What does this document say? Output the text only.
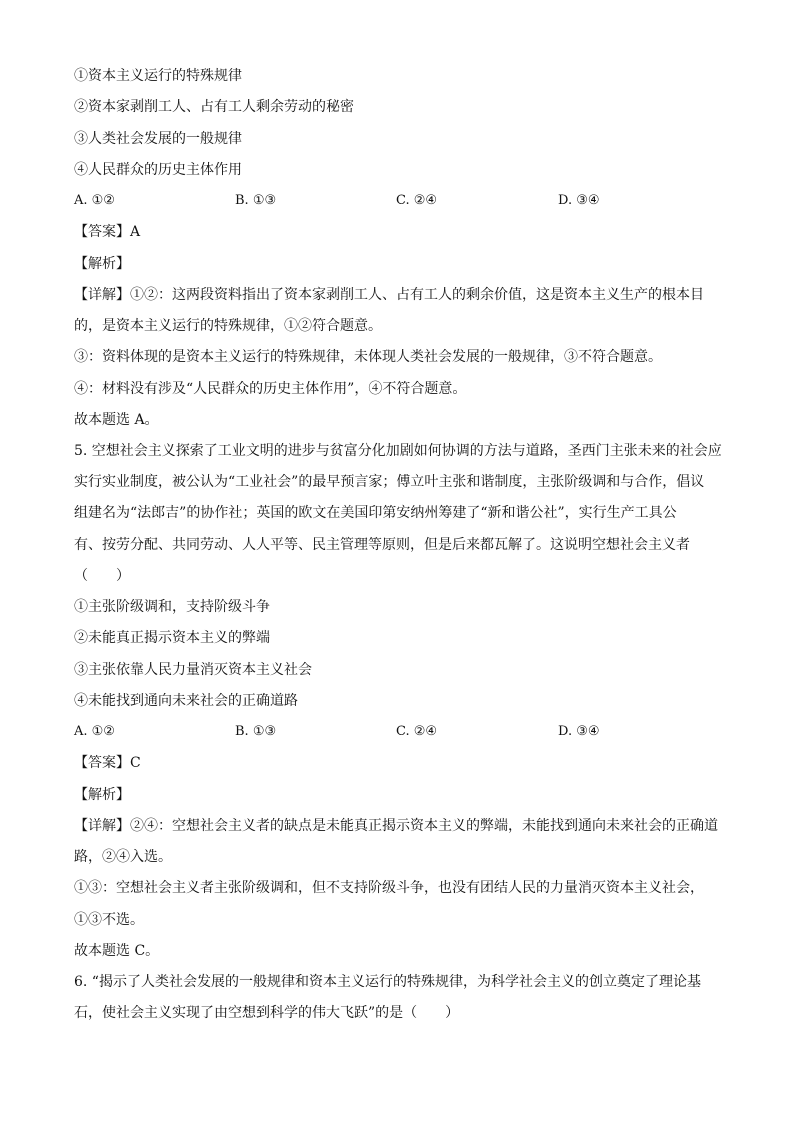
①资本主义运行的特殊规律
②资本家剥削工人、占有工人剩余劳动的秘密
③人类社会发展的一般规律
④人民群众的历史主体作用
A. ①②	B. ①③	C. ②④	D. ③④
【答案】A
【解析】
【详解】①②：这两段资料指出了资本家剥削工人、占有工人的剩余价值，这是资本主义生产的根本目
的，是资本主义运行的特殊规律，①②符合题意。
③：资料体现的是资本主义运行的特殊规律，未体现人类社会发展的一般规律，③不符合题意。
④：材料没有涉及“人民群众的历史主体作用”，④不符合题意。
故本题选 A。
5. 空想社会主义探索了工业文明的进步与贫富分化加剧如何协调的方法与道路，圣西门主张未来的社会应
实行实业制度，被公认为“工业社会”的最早预言家；傅立叶主张和谐制度，主张阶级调和与合作，倡议
组建名为“法郎吉”的协作社；英国的欧文在美国印第安纳州筹建了“新和谐公社”，实行生产工具公
有、按劳分配、共同劳动、人人平等、民主管理等原则，但是后来都瓦解了。这说明空想社会主义者
（　　）
①主张阶级调和，支持阶级斗争
②未能真正揭示资本主义的弊端
③主张依靠人民力量消灭资本主义社会
④未能找到通向未来社会的正确道路
A. ①②	B. ①③	C. ②④	D. ③④
【答案】C
【解析】
【详解】②④：空想社会主义者的缺点是未能真正揭示资本主义的弊端，未能找到通向未来社会的正确道
路，②④入选。
①③：空想社会主义者主张阶级调和，但不支持阶级斗争，也没有团结人民的力量消灭资本主义社会，
①③不选。
故本题选 C。
6. “揭示了人类社会发展的一般规律和资本主义运行的特殊规律，为科学社会主义的创立奠定了理论基
石，使社会主义实现了由空想到科学的伟大飞跃”的是（　　）
